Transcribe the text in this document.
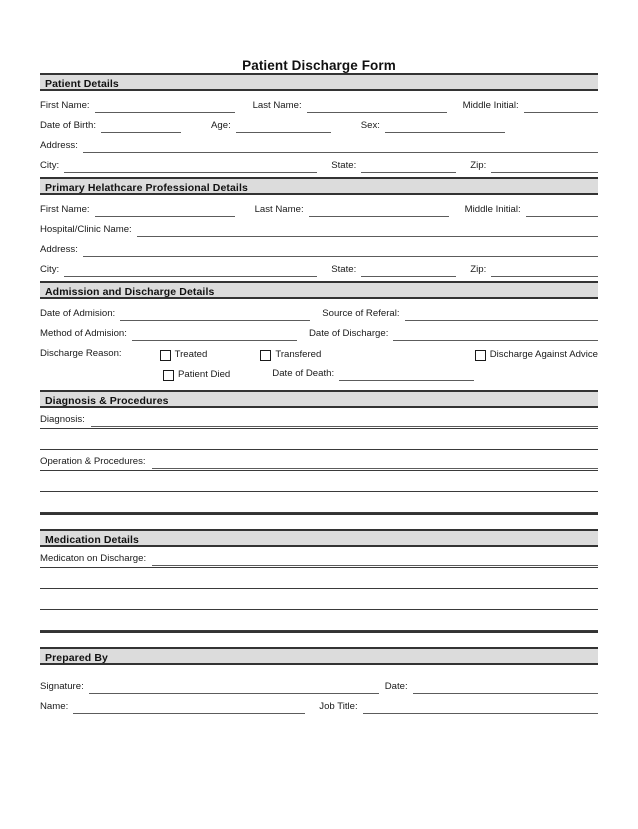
Patient Discharge Form
Patient Details
First Name:	Last Name:	Middle Initial:
Date of Birth:	Age:	Sex:
Address:
City:	State:	Zip:
Primary Helathcare Professional Details
First Name:	Last Name:	Middle Initial:
Hospital/Clinic Name:
Address:
City:	State:	Zip:
Admission and Discharge Details
Date of Admision:	Source of Referal:
Method of Admision:	Date of Discharge:
Discharge Reason:	Treated	Transfered	Discharge Against Advice
Patient Died	Date of Death:
Diagnosis & Procedures
Diagnosis:
Operation & Procedures:
Medication Details
Medicaton on Discharge:
Prepared By
Signature:	Date:
Name:	Job Title:
